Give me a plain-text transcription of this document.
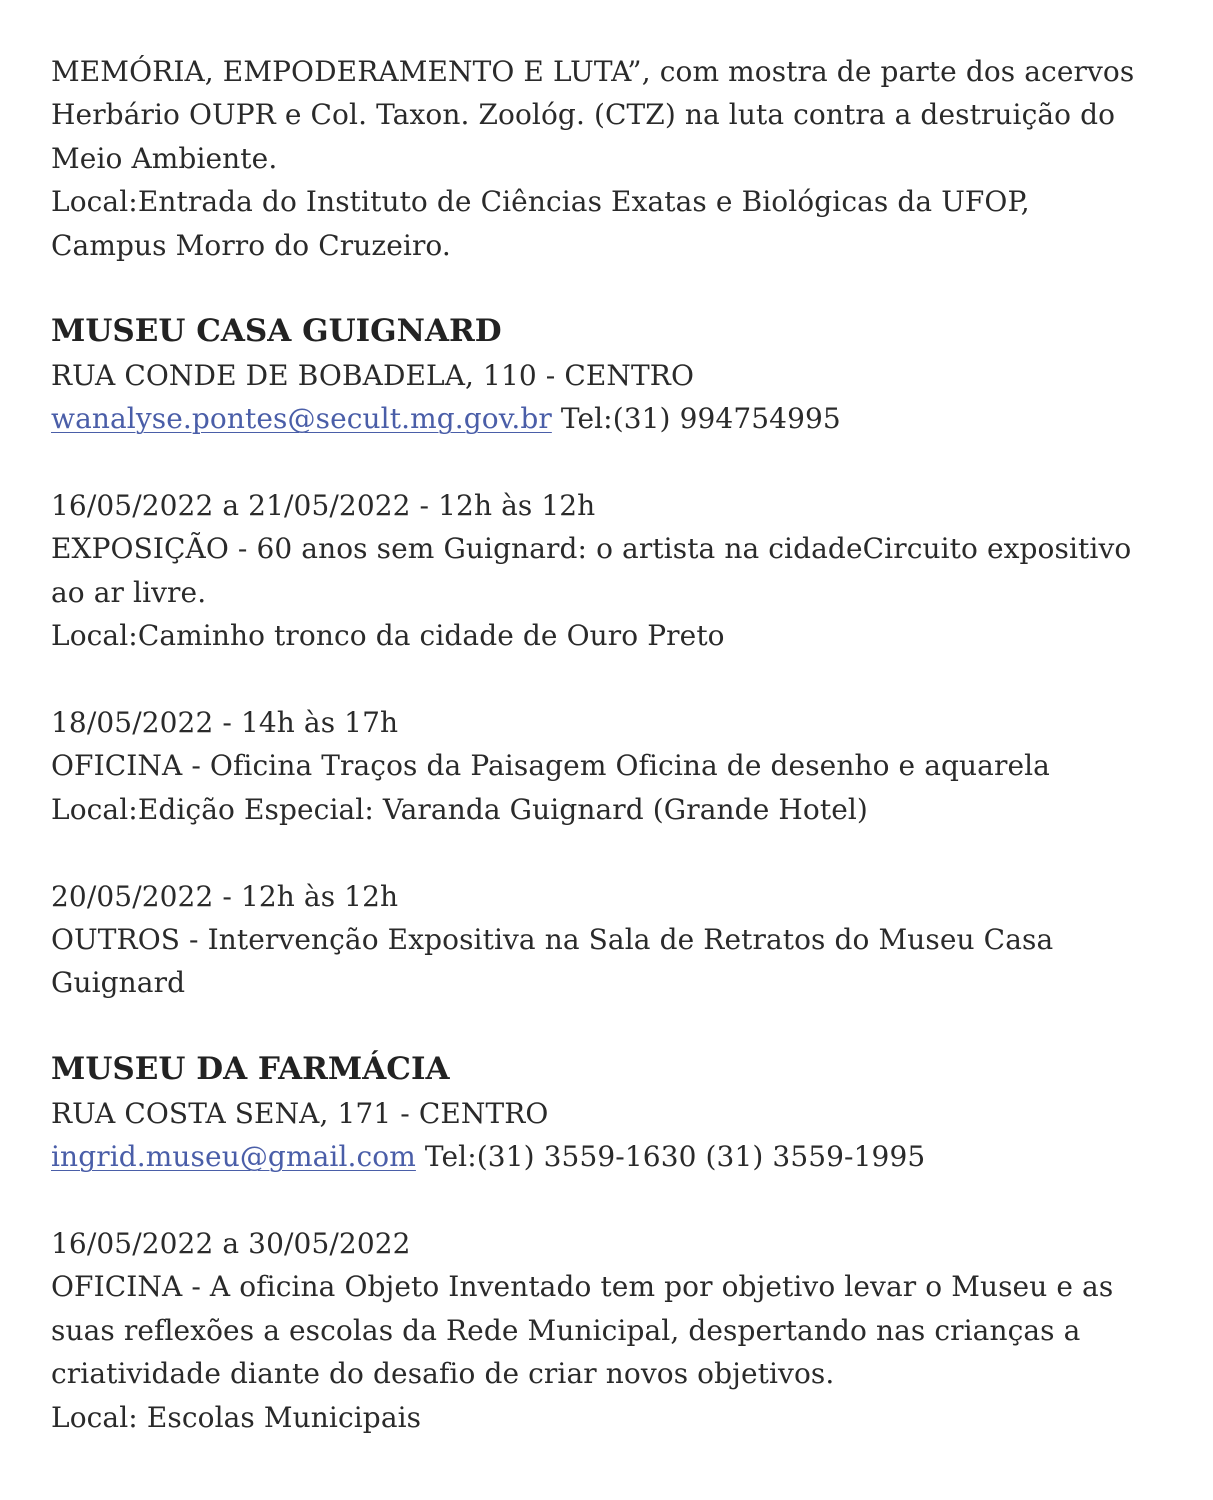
MEMÓRIA, EMPODERAMENTO E LUTA”, com mostra de parte dos acervos
Herbário OUPR e Col. Taxon. Zoológ. (CTZ) na luta contra a destruição do
Meio Ambiente.
Local:Entrada do Instituto de Ciências Exatas e Biológicas da UFOP,
Campus Morro do Cruzeiro.
MUSEU CASA GUIGNARD
RUA CONDE DE BOBADELA, 110 - CENTRO
wanalyse.pontes@secult.mg.gov.br Tel:(31) 994754995
16/05/2022 a 21/05/2022 - 12h às 12h
EXPOSIÇÃO - 60 anos sem Guignard: o artista na cidadeCircuito expositivo
ao ar livre.
Local:Caminho tronco da cidade de Ouro Preto
18/05/2022 - 14h às 17h
OFICINA - Oficina Traços da Paisagem Oficina de desenho e aquarela
Local:Edição Especial: Varanda Guignard (Grande Hotel)
20/05/2022 - 12h às 12h
OUTROS - Intervenção Expositiva na Sala de Retratos do Museu Casa
Guignard
MUSEU DA FARMÁCIA
RUA COSTA SENA, 171 - CENTRO
ingrid.museu@gmail.com Tel:(31) 3559-1630 (31) 3559-1995
16/05/2022 a 30/05/2022
OFICINA - A oficina Objeto Inventado tem por objetivo levar o Museu e as
suas reflexões a escolas da Rede Municipal, despertando nas crianças a
criatividade diante do desafio de criar novos objetivos.
Local: Escolas Municipais
